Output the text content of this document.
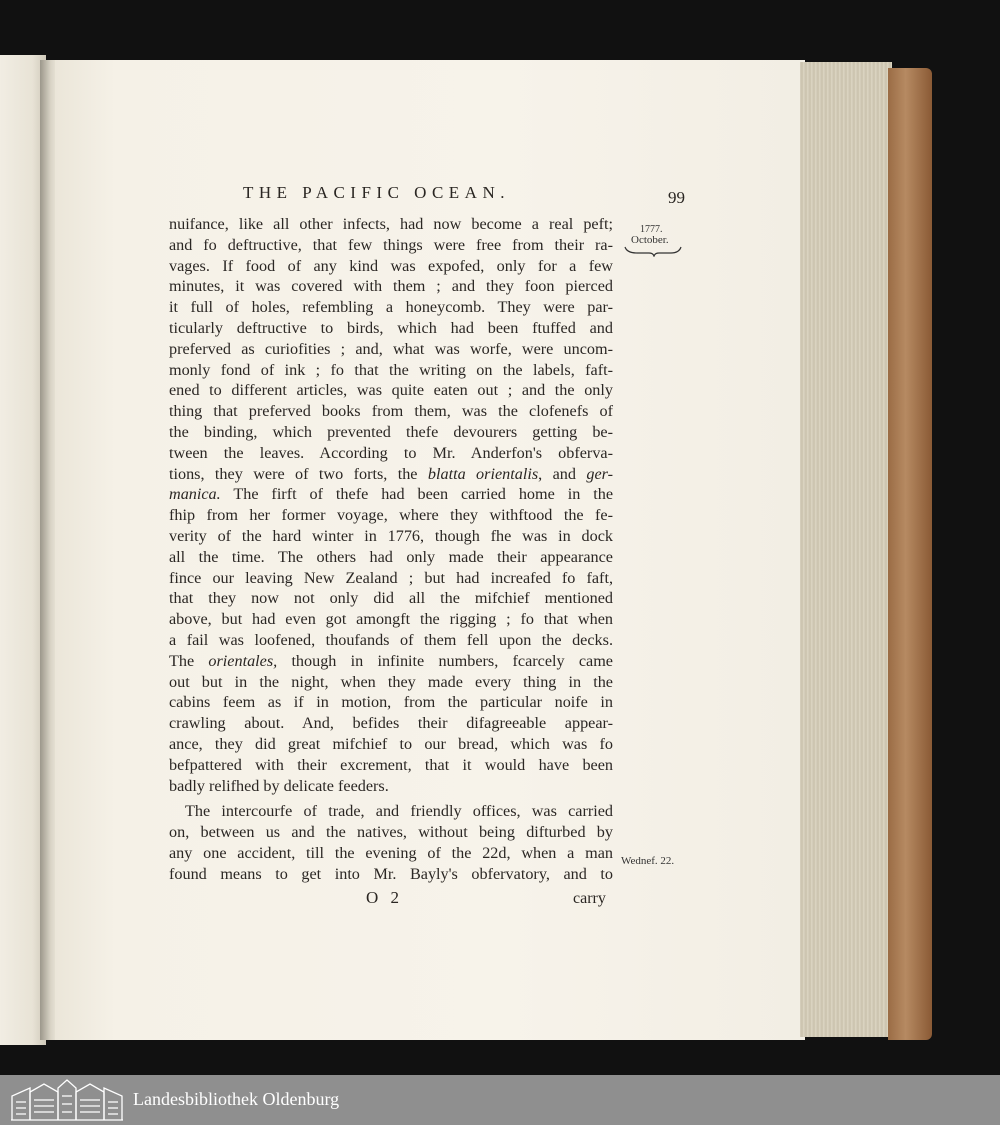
THE PACIFIC OCEAN.	99
1777.
October.
nuifance, like all other infects, had now become a real peft;
and fo deftructive, that few things were free from their ra-
vages. If food of any kind was expofed, only for a few
minutes, it was covered with them ; and they foon pierced
it full of holes, refembling a honeycomb. They were par-
ticularly deftructive to birds, which had been ftuffed and
preferved as curiofities ; and, what was worfe, were uncom-
monly fond of ink ; fo that the writing on the labels, faft-
ened to different articles, was quite eaten out ; and the only
thing that preferved books from them, was the clofenefs of
the binding, which prevented thefe devourers getting be-
tween the leaves. According to Mr. Anderfon's obferva-
tions, they were of two forts, the blatta orientalis, and ger-
manica. The firft of thefe had been carried home in the
fhip from her former voyage, where they withftood the fe-
verity of the hard winter in 1776, though fhe was in dock
all the time. The others had only made their appearance
fince our leaving New Zealand ; but had increafed fo faft,
that they now not only did all the mifchief mentioned
above, but had even got amongft the rigging ; fo that when
a fail was loofened, thoufands of them fell upon the decks.
The orientales, though in infinite numbers, fcarcely came
out but in the night, when they made every thing in the
cabins feem as if in motion, from the particular noife in
crawling about. And, befides their difagreeable appear-
ance, they did great mifchief to our bread, which was fo
befpattered with their excrement, that it would have been
badly relifhed by delicate feeders.
The intercourfe of trade, and friendly offices, was carried
on, between us and the natives, without being difturbed by
any one accident, till the evening of the 22d, when a man
found means to get into Mr. Bayly's obfervatory, and to
Wednef. 22.
O 2	carry
Landesbibliothek Oldenburg
